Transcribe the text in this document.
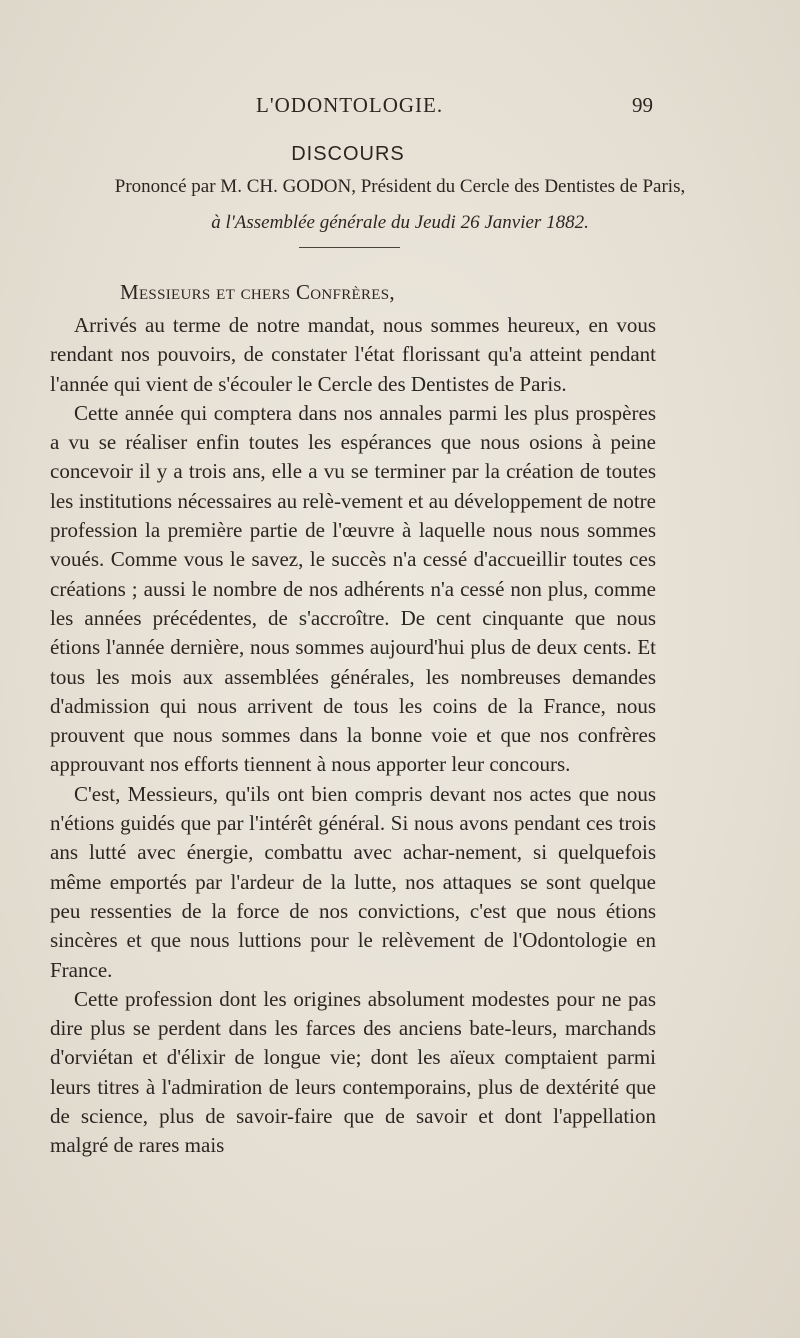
L'ODONTOLOGIE.	99
DISCOURS
Prononcé par M. CH. GODON, Président du Cercle des Dentistes de Paris,
à l'Assemblée générale du Jeudi 26 Janvier 1882.
Messieurs et chers Confrères,

Arrivés au terme de notre mandat, nous sommes heureux, en vous rendant nos pouvoirs, de constater l'état florissant qu'a atteint pendant l'année qui vient de s'écouler le Cercle des Dentistes de Paris.

Cette année qui comptera dans nos annales parmi les plus prospères a vu se réaliser enfin toutes les espérances que nous osions à peine concevoir il y a trois ans, elle a vu se terminer par la création de toutes les institutions nécessaires au relè-vement et au développement de notre profession la première partie de l'œuvre à laquelle nous nous sommes voués. Comme vous le savez, le succès n'a cessé d'accueillir toutes ces créations ; aussi le nombre de nos adhérents n'a cessé non plus, comme les années précédentes, de s'accroître. De cent cinquante que nous étions l'année dernière, nous sommes aujourd'hui plus de deux cents. Et tous les mois aux assemblées générales, les nombreuses demandes d'admission qui nous arrivent de tous les coins de la France, nous prouvent que nous sommes dans la bonne voie et que nos confrères approuvant nos efforts tiennent à nous apporter leur concours.

C'est, Messieurs, qu'ils ont bien compris devant nos actes que nous n'étions guidés que par l'intérêt général. Si nous avons pendant ces trois ans lutté avec énergie, combattu avec achar-nement, si quelquefois même emportés par l'ardeur de la lutte, nos attaques se sont quelque peu ressenties de la force de nos convictions, c'est que nous étions sincères et que nous luttions pour le relèvement de l'Odontologie en France.

Cette profession dont les origines absolument modestes pour ne pas dire plus se perdent dans les farces des anciens bate-leurs, marchands d'orviétan et d'élixir de longue vie; dont les aïeux comptaient parmi leurs titres à l'admiration de leurs contemporains, plus de dextérité que de science, plus de savoir-faire que de savoir et dont l'appellation malgré de rares mais
